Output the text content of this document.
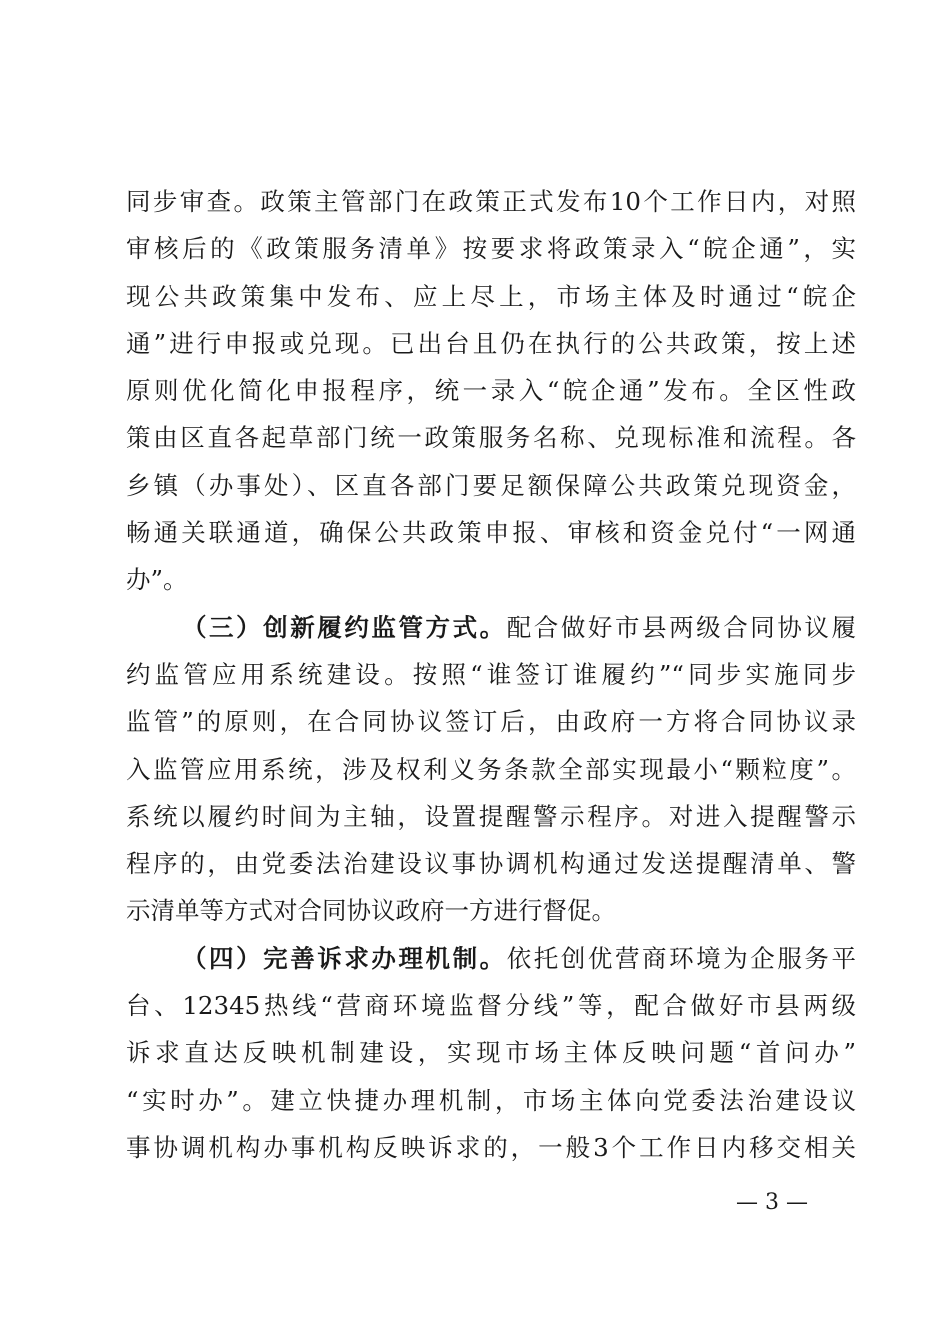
同步审查。政策主管部门在政策正式发布10个工作日内，对照
审核后的《政策服务清单》按要求将政策录入“皖企通”，实
现公共政策集中发布、应上尽上，市场主体及时通过“皖企
通”进行申报或兑现。已出台且仍在执行的公共政策，按上述
原则优化简化申报程序，统一录入“皖企通”发布。全区性政
策由区直各起草部门统一政策服务名称、兑现标准和流程。各
乡镇（办事处）、区直各部门要足额保障公共政策兑现资金，
畅通关联通道，确保公共政策申报、审核和资金兑付“一网通
办”。
（三）创新履约监管方式。配合做好市县两级合同协议履
约监管应用系统建设。按照“谁签订谁履约”“同步实施同步
监管”的原则，在合同协议签订后，由政府一方将合同协议录
入监管应用系统，涉及权利义务条款全部实现最小“颗粒度”。
系统以履约时间为主轴，设置提醒警示程序。对进入提醒警示
程序的，由党委法治建设议事协调机构通过发送提醒清单、警
示清单等方式对合同协议政府一方进行督促。
（四）完善诉求办理机制。依托创优营商环境为企服务平
台、12345热线“营商环境监督分线”等，配合做好市县两级
诉求直达反映机制建设，实现市场主体反映问题“首问办”
“实时办”。建立快捷办理机制，市场主体向党委法治建设议
事协调机构办事机构反映诉求的，一般3个工作日内移交相关
— 3 —
